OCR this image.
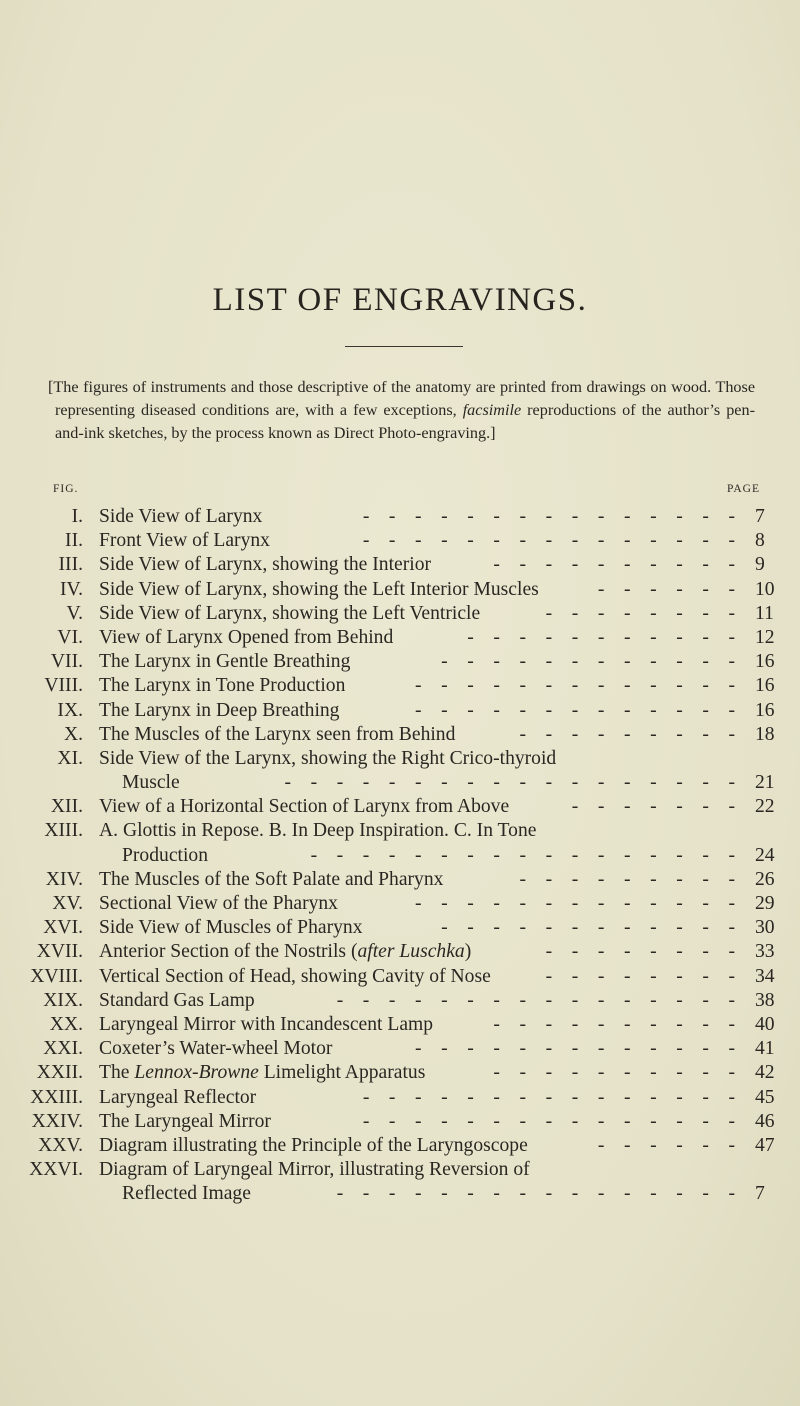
LIST OF ENGRAVINGS.
[The figures of instruments and those descriptive of the anatomy are printed from drawings on wood. Those representing diseased conditions are, with a few exceptions, facsimile reproductions of the author’s pen-and-ink sketches, by the process known as Direct Photo-engraving.]
FIG.	PAGE
I. Side View of Larynx	7
-    -    -    -    -    -    -    -    -    -    -    -    -    -    -
II. Front View of Larynx	8
-    -    -    -    -    -    -    -    -    -    -    -    -    -    -
III. Side View of Larynx, showing the Interior	9
-    -    -    -    -    -    -    -    -    -
IV. Side View of Larynx, showing the Left Interior Muscles	10
-    -    -    -    -    -
V. Side View of Larynx, showing the Left Ventricle	11
-    -    -    -    -    -    -    -
VI. View of Larynx Opened from Behind	12
-    -    -    -    -    -    -    -    -    -    -
VII. The Larynx in Gentle Breathing	16
-    -    -    -    -    -    -    -    -    -    -    -
VIII. The Larynx in Tone Production	16
-    -    -    -    -    -    -    -    -    -    -    -    -
IX. The Larynx in Deep Breathing	16
-    -    -    -    -    -    -    -    -    -    -    -    -
X. The Muscles of the Larynx seen from Behind	18
-    -    -    -    -    -    -    -    -
XI. Side View of the Larynx, showing the Right Crico-thyroid
Muscle	21
-    -    -    -    -    -    -    -    -    -    -    -    -    -    -    -    -    -
XII. View of a Horizontal Section of Larynx from Above	22
-    -    -    -    -    -    -
XIII. A. Glottis in Repose. B. In Deep Inspiration. C. In Tone
Production	24
-    -    -    -    -    -    -    -    -    -    -    -    -    -    -    -    -
XIV. The Muscles of the Soft Palate and Pharynx	26
-    -    -    -    -    -    -    -    -
XV. Sectional View of the Pharynx	29
-    -    -    -    -    -    -    -    -    -    -    -    -
XVI. Side View of Muscles of Pharynx	30
-    -    -    -    -    -    -    -    -    -    -    -
XVII. Anterior Section of the Nostrils (after Luschka)	33
-    -    -    -    -    -    -    -
XVIII. Vertical Section of Head, showing Cavity of Nose	34
-    -    -    -    -    -    -    -
XIX. Standard Gas Lamp	38
-    -    -    -    -    -    -    -    -    -    -    -    -    -    -    -
XX. Laryngeal Mirror with Incandescent Lamp	40
-    -    -    -    -    -    -    -    -    -
XXI. Coxeter’s Water-wheel Motor	41
-    -    -    -    -    -    -    -    -    -    -    -    -
XXII. The Lennox-Browne Limelight Apparatus	42
-    -    -    -    -    -    -    -    -    -
XXIII. Laryngeal Reflector	45
-    -    -    -    -    -    -    -    -    -    -    -    -    -    -
XXIV. The Laryngeal Mirror	46
-    -    -    -    -    -    -    -    -    -    -    -    -    -    -
XXV. Diagram illustrating the Principle of the Laryngoscope	47
-    -    -    -    -    -
XXVI. Diagram of Laryngeal Mirror, illustrating Reversion of
Reflected Image	7
-    -    -    -    -    -    -    -    -    -    -    -    -    -    -    -
